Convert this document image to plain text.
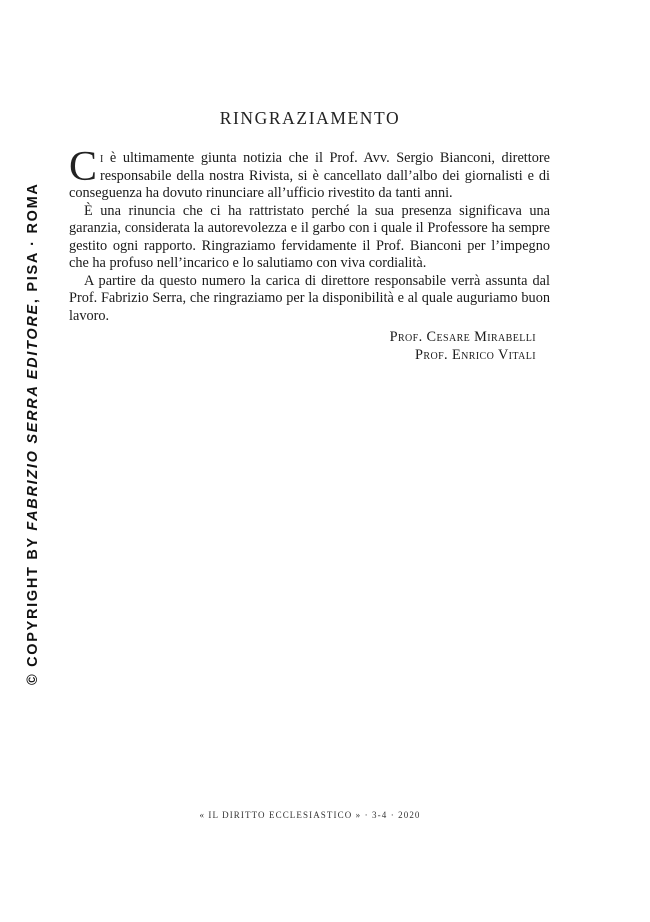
© COPYRIGHT BY FABRIZIO SERRA EDITORE, PISA · ROMA
RINGRAZIAMENTO

Ci è ultimamente giunta notizia che il Prof. Avv. Sergio Bianconi, direttore responsabile della nostra Rivista, si è cancellato dall’albo dei giornalisti e di conseguenza ha dovuto rinunciare all’ufficio rivestito da tanti anni.

È una rinuncia che ci ha rattristato perché la sua presenza significava una garanzia, considerata la autorevolezza e il garbo con i quale il Professore ha sempre gestito ogni rapporto. Ringraziamo fervidamente il Prof. Bianconi per l’impegno che ha profuso nell’incarico e lo salutiamo con viva cordialità.

A partire da questo numero la carica di direttore responsabile verrà assunta dal Prof. Fabrizio Serra, che ringraziamo per la disponibilità e al quale auguriamo buon lavoro.

Prof. Cesare Mirabelli
Prof. Enrico Vitali
« IL DIRITTO ECCLESIASTICO » · 3-4 · 2020
